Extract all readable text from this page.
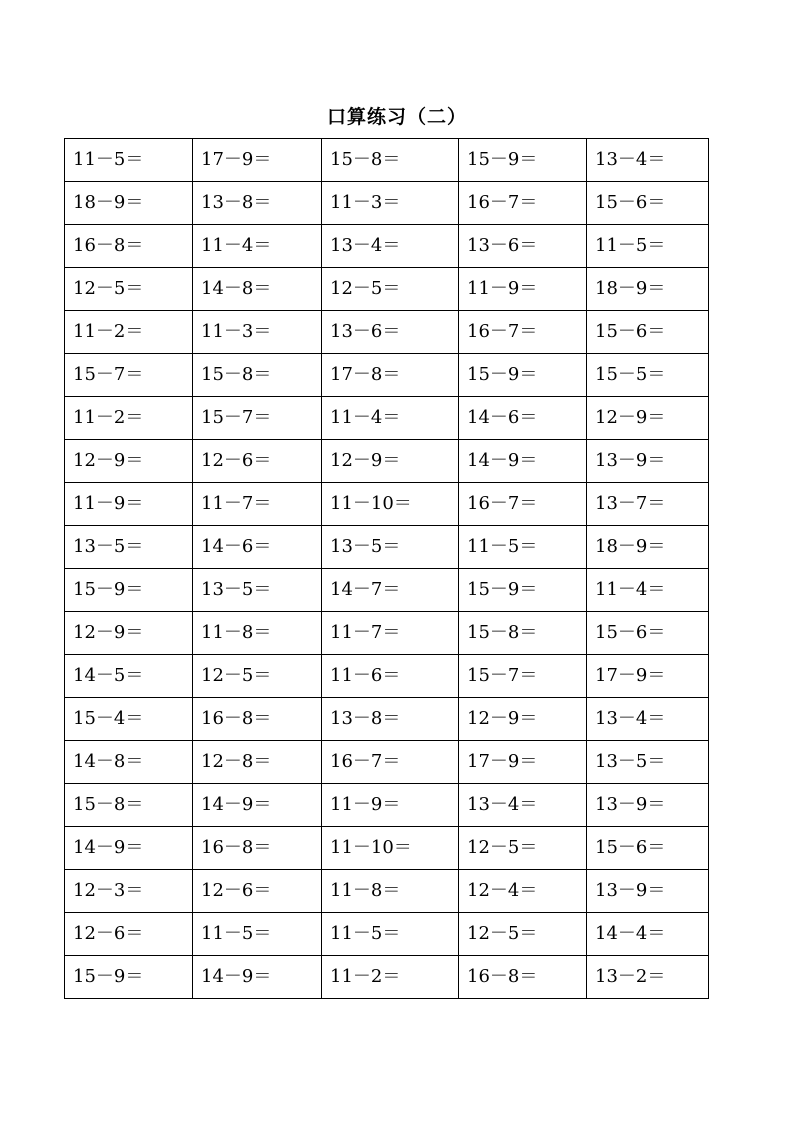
口算练习（二）
11－5＝	17－9＝	15－8＝	15－9＝	13－4＝
18－9＝	13－8＝	11－3＝	16－7＝	15－6＝
16－8＝	11－4＝	13－4＝	13－6＝	11－5＝
12－5＝	14－8＝	12－5＝	11－9＝	18－9＝
11－2＝	11－3＝	13－6＝	16－7＝	15－6＝
15－7＝	15－8＝	17－8＝	15－9＝	15－5＝
11－2＝	15－7＝	11－4＝	14－6＝	12－9＝
12－9＝	12－6＝	12－9＝	14－9＝	13－9＝
11－9＝	11－7＝	11－10＝	16－7＝	13－7＝
13－5＝	14－6＝	13－5＝	11－5＝	18－9＝
15－9＝	13－5＝	14－7＝	15－9＝	11－4＝
12－9＝	11－8＝	11－7＝	15－8＝	15－6＝
14－5＝	12－5＝	11－6＝	15－7＝	17－9＝
15－4＝	16－8＝	13－8＝	12－9＝	13－4＝
14－8＝	12－8＝	16－7＝	17－9＝	13－5＝
15－8＝	14－9＝	11－9＝	13－4＝	13－9＝
14－9＝	16－8＝	11－10＝	12－5＝	15－6＝
12－3＝	12－6＝	11－8＝	12－4＝	13－9＝
12－6＝	11－5＝	11－5＝	12－5＝	14－4＝
15－9＝	14－9＝	11－2＝	16－8＝	13－2＝
